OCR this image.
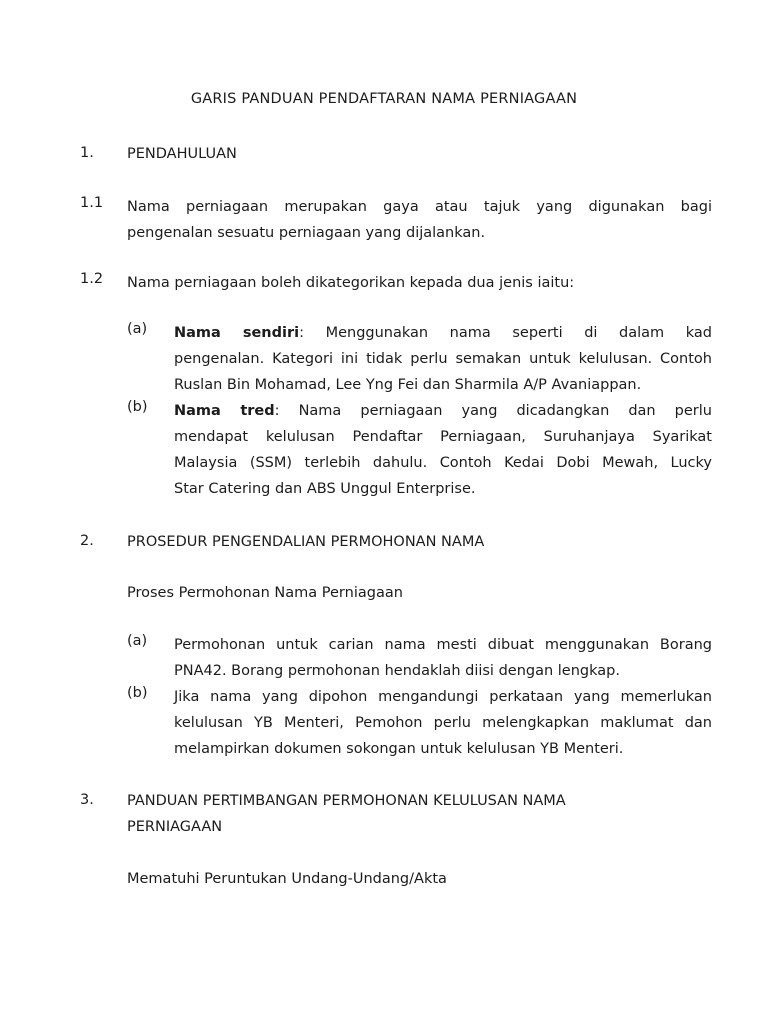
GARIS PANDUAN PENDAFTARAN NAMA PERNIAGAAN
1. PENDAHULUAN
1.1 Nama perniagaan merupakan gaya atau tajuk yang digunakan bagi
pengenalan sesuatu perniagaan yang dijalankan.
1.2 Nama perniagaan boleh dikategorikan kepada dua jenis iaitu:
(a) Nama sendiri: Menggunakan nama seperti di dalam kad
pengenalan. Kategori ini tidak perlu semakan untuk kelulusan. Contoh
Ruslan Bin Mohamad, Lee Yng Fei dan Sharmila A/P Avaniappan.
(b) Nama tred: Nama perniagaan yang dicadangkan dan perlu
mendapat kelulusan Pendaftar Perniagaan, Suruhanjaya Syarikat
Malaysia (SSM) terlebih dahulu. Contoh Kedai Dobi Mewah, Lucky
Star Catering dan ABS Unggul Enterprise.
2. PROSEDUR PENGENDALIAN PERMOHONAN NAMA
Proses Permohonan Nama Perniagaan
(a) Permohonan untuk carian nama mesti dibuat menggunakan Borang
PNA42. Borang permohonan hendaklah diisi dengan lengkap.
(b) Jika nama yang dipohon mengandungi perkataan yang memerlukan
kelulusan YB Menteri, Pemohon perlu melengkapkan maklumat dan
melampirkan dokumen sokongan untuk kelulusan YB Menteri.
3. PANDUAN PERTIMBANGAN PERMOHONAN KELULUSAN NAMA
PERNIAGAAN
Mematuhi Peruntukan Undang-Undang/Akta
